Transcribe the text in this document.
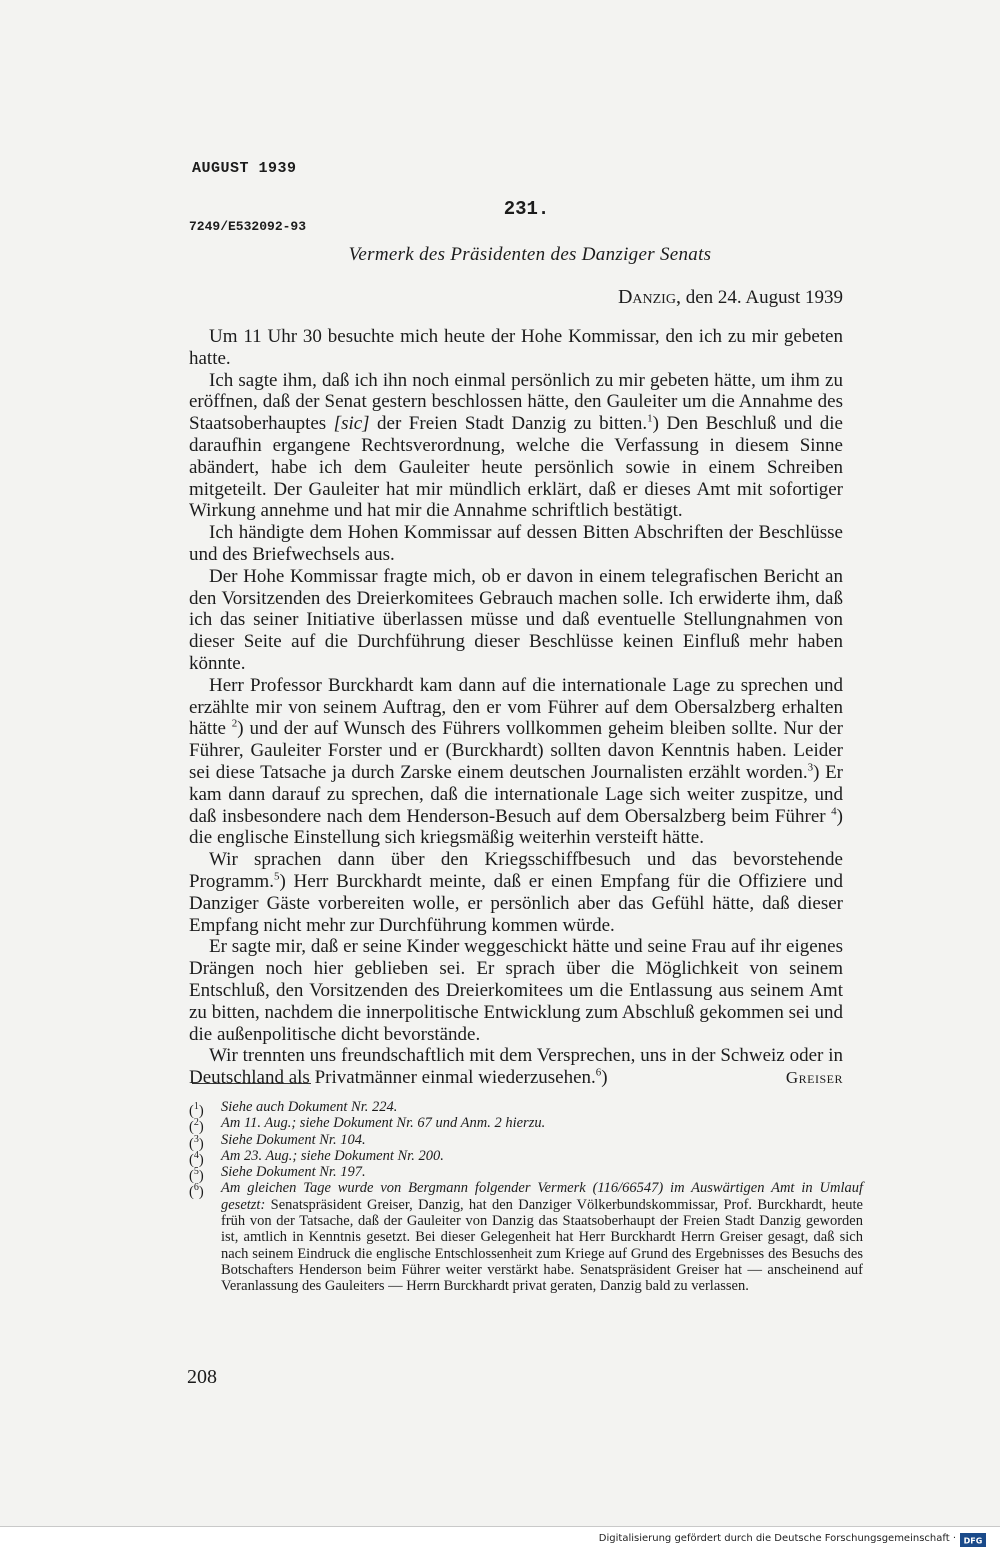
AUGUST 1939
231.
7249/E532092-93
Vermerk des Präsidenten des Danziger Senats
Danzig, den 24. August 1939

Um 11 Uhr 30 besuchte mich heute der Hohe Kommissar, den ich zu mir gebeten hatte.

Ich sagte ihm, daß ich ihn noch einmal persönlich zu mir gebeten hätte, um ihm zu eröffnen, daß der Senat gestern beschlossen hätte, den Gauleiter um die Annahme des Staatsoberhauptes [sic] der Freien Stadt Danzig zu bitten.$^1$) Den Beschluß und die daraufhin ergangene Rechtsverordnung, welche die Verfassung in diesem Sinne abändert, habe ich dem Gauleiter heute persönlich sowie in einem Schreiben mitgeteilt. Der Gauleiter hat mir mündlich erklärt, daß er dieses Amt mit sofortiger Wirkung annehme und hat mir die Annahme schriftlich bestätigt.

Ich händigte dem Hohen Kommissar auf dessen Bitten Abschriften der Beschlüsse und des Briefwechsels aus.

Der Hohe Kommissar fragte mich, ob er davon in einem telegrafischen Bericht an den Vorsitzenden des Dreierkomitees Gebrauch machen solle. Ich erwiderte ihm, daß ich das seiner Initiative überlassen müsse und daß eventuelle Stellungnahmen von dieser Seite auf die Durchführung dieser Beschlüsse keinen Einfluß mehr haben könnte.

Herr Professor Burckhardt kam dann auf die internationale Lage zu sprechen und erzählte mir von seinem Auftrag, den er vom Führer auf dem Obersalzberg erhalten hätte $^2$) und der auf Wunsch des Führers vollkommen geheim bleiben sollte. Nur der Führer, Gauleiter Forster und er (Burckhardt) sollten davon Kenntnis haben. Leider sei diese Tatsache ja durch Zarske einem deutschen Journalisten erzählt worden.$^3$) Er kam dann darauf zu sprechen, daß die internationale Lage sich weiter zuspitze, und daß insbesondere nach dem Henderson-Besuch auf dem Obersalzberg beim Führer $^4$) die englische Einstellung sich kriegsmäßig weiterhin versteift hätte.

Wir sprachen dann über den Kriegsschiffbesuch und das bevorstehende Programm.$^5$) Herr Burckhardt meinte, daß er einen Empfang für die Offiziere und Danziger Gäste vorbereiten wolle, er persönlich aber das Gefühl hätte, daß dieser Empfang nicht mehr zur Durchführung kommen würde.

Er sagte mir, daß er seine Kinder weggeschickt hätte und seine Frau auf ihr eigenes Drängen noch hier geblieben sei. Er sprach über die Möglichkeit von seinem Entschluß, den Vorsitzenden des Dreierkomitees um die Entlassung aus seinem Amt zu bitten, nachdem die innerpolitische Entwicklung zum Abschluß gekommen sei und die außenpolitische dicht bevorstände.

Wir trennten uns freundschaftlich mit dem Versprechen, uns in der Schweiz oder in Deutschland als Privatmänner einmal wiederzusehen.$^6$)	Greiser
($^1$) Siehe auch Dokument Nr. 224.
($^2$) Am 11. Aug.; siehe Dokument Nr. 67 und Anm. 2 hierzu.
($^3$) Siehe Dokument Nr. 104.
($^4$) Am 23. Aug.; siehe Dokument Nr. 200.
($^5$) Siehe Dokument Nr. 197.
($^6$) Am gleichen Tage wurde von Bergmann folgender Vermerk (116/66547) im Auswärtigen Amt in Umlauf gesetzt: Senatspräsident Greiser, Danzig, hat den Danziger Völkerbundskommissar, Prof. Burckhardt, heute früh von der Tatsache, daß der Gauleiter von Danzig das Staatsoberhaupt der Freien Stadt Danzig geworden ist, amtlich in Kenntnis gesetzt. Bei dieser Gelegenheit hat Herr Burckhardt Herrn Greiser gesagt, daß sich nach seinem Eindruck die englische Entschlossenheit zum Kriege auf Grund des Ergebnisses des Besuchs des Botschafters Henderson beim Führer weiter verstärkt habe. Senatspräsident Greiser hat — anscheinend auf Veranlassung des Gauleiters — Herrn Burckhardt privat geraten, Danzig bald zu verlassen.
208
Digitalisierung gefördert durch die Deutsche Forschungsgemeinschaft · DFG
